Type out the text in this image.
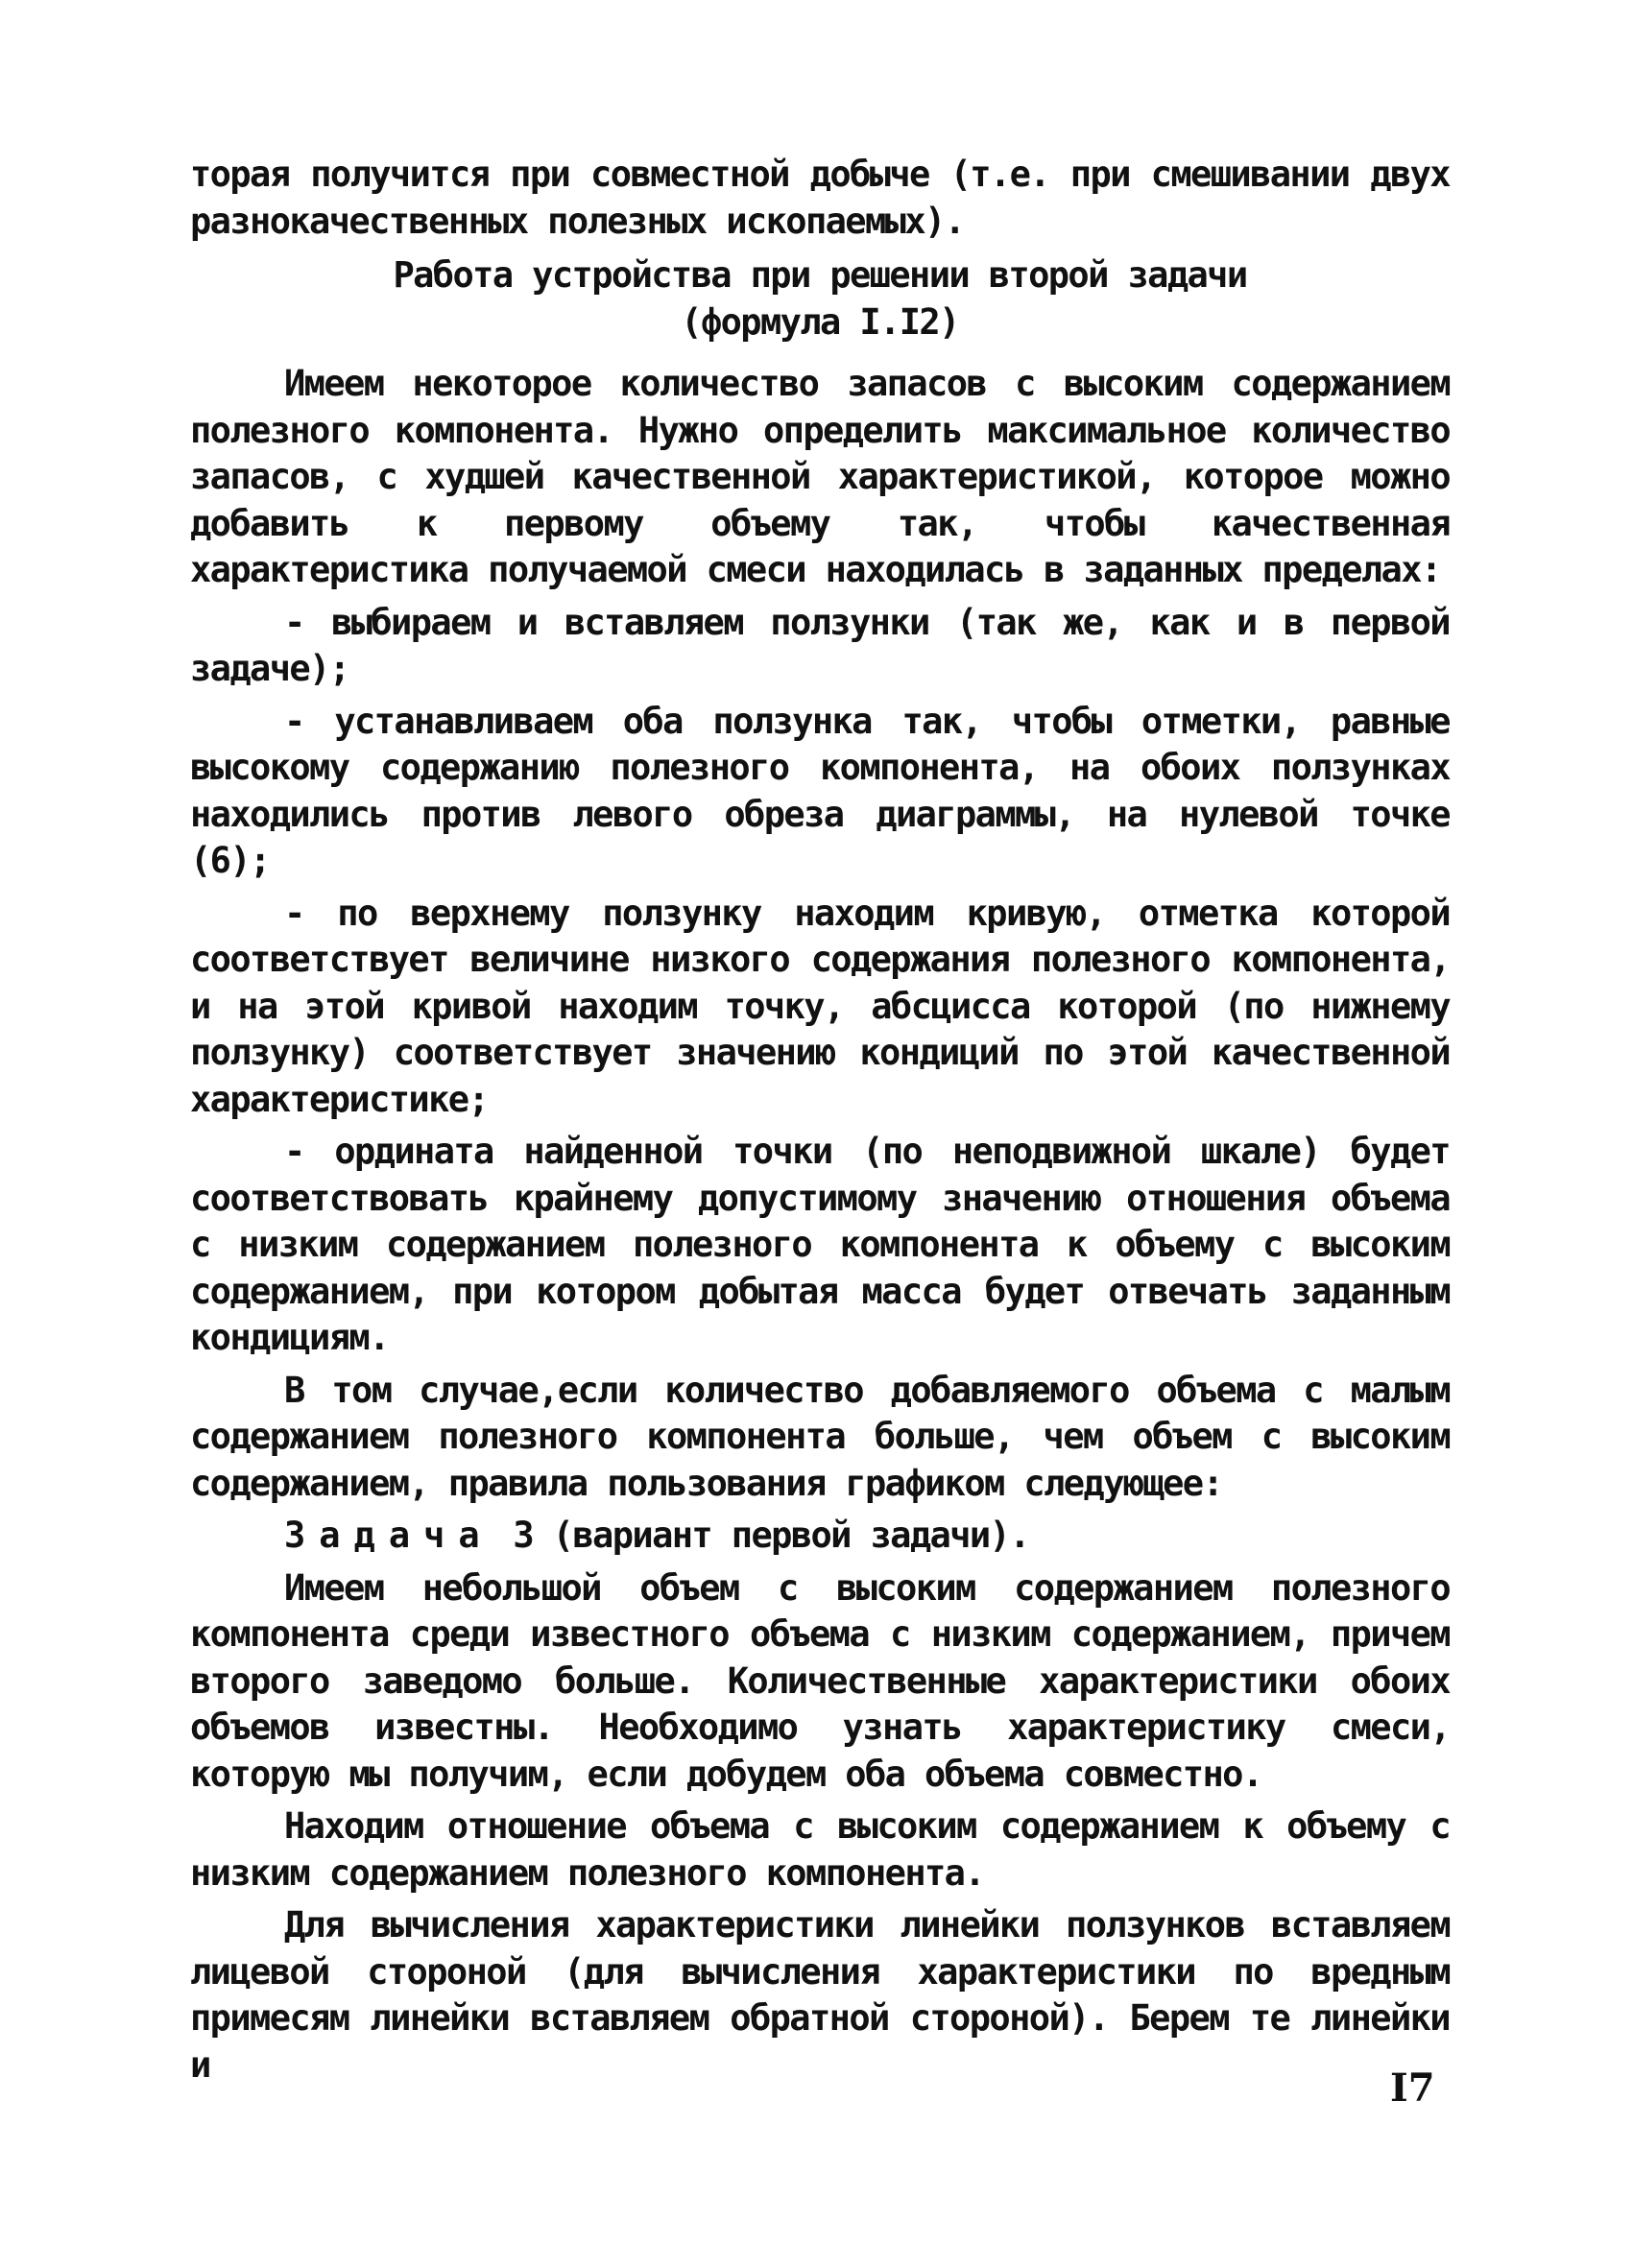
торая получится при совместной добыче (т.е. при смешивании двух разнокачественных полезных ископаемых).

Работа устройства при решении второй задачи
(формула I.I2)

Имеем некоторое количество запасов с высоким содержанием полезного компонента. Нужно определить максимальное количество запасов, с худшей качественной характеристикой, которое можно добавить к первому объему так, чтобы качественная характеристика получаемой смеси находилась в заданных пределах:

- выбираем и вставляем ползунки (так же, как и в первой задаче);

- устанавливаем оба ползунка так, чтобы отметки, равные высокому содержанию полезного компонента, на обоих ползунках находились против левого обреза диаграммы, на нулевой точке (6);

- по верхнему ползунку находим кривую, отметка которой соответствует величине низкого содержания полезного компонента, и на этой кривой находим точку, абсцисса которой (по нижнему ползунку) соответствует значению кондиций по этой качественной характеристике;

- ордината найденной точки (по неподвижной шкале) будет соответствовать крайнему допустимому значению отношения объема с низким содержанием полезного компонента к объему с высоким содержанием, при котором добытая масса будет отвечать заданным кондициям.

В том случае,если количество добавляемого объема с малым содержанием полезного компонента больше, чем объем с высоким содержанием, правила пользования графиком следующее:

Задача 3 (вариант первой задачи).

Имеем небольшой объем с высоким содержанием полезного компонента среди известного объема с низким содержанием, причем второго заведомо больше. Количественные характеристики обоих объемов известны. Необходимо узнать характеристику смеси, которую мы получим, если добудем оба объема совместно.

Находим отношение объема с высоким содержанием к объему с низким содержанием полезного компонента.

Для вычисления характеристики линейки ползунков вставляем лицевой стороной (для вычисления характеристики по вредным примесям линейки вставляем обратной стороной). Берем те линейки и

I7
